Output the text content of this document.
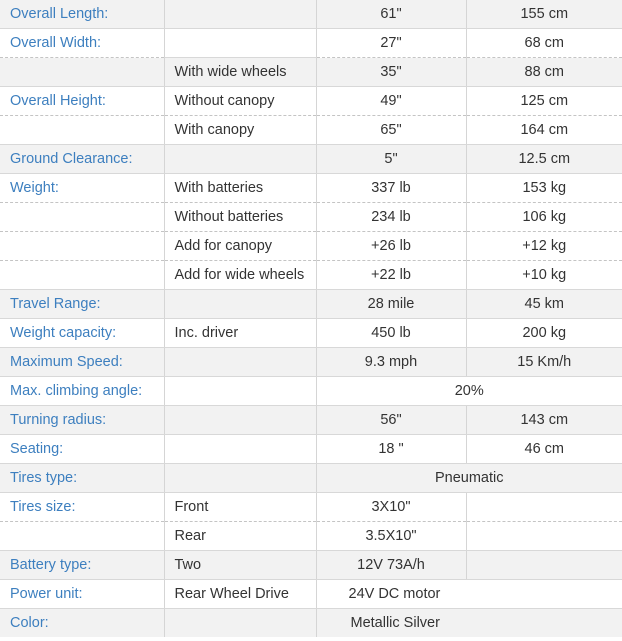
Overall Length:		61"	155 cm
Overall Width:		27"	68 cm
	With wide wheels	35"	88 cm
Overall Height:	Without canopy	49"	125 cm
	With canopy	65"	164 cm
Ground Clearance:		5"	12.5 cm
Weight:	With batteries	337 lb	153 kg
	Without batteries	234 lb	106 kg
	Add for canopy	+26 lb	+12 kg
	Add for wide wheels	+22 lb	+10 kg
Travel Range:		28 mile	45 km
Weight capacity:	Inc. driver	450 lb	200 kg
Maximum Speed:		9.3 mph	15 Km/h
Max. climbing angle:		20%	
Turning radius:		56"	143 cm
Seating:		18 "	46 cm
Tires type:		Pneumatic	
Tires size:	Front	3X10"	
	Rear	3.5X10"	
Battery type:	Two	12V 73A/h	
Power unit:	Rear Wheel Drive	24V DC motor	
Color:		Metallic Silver	
